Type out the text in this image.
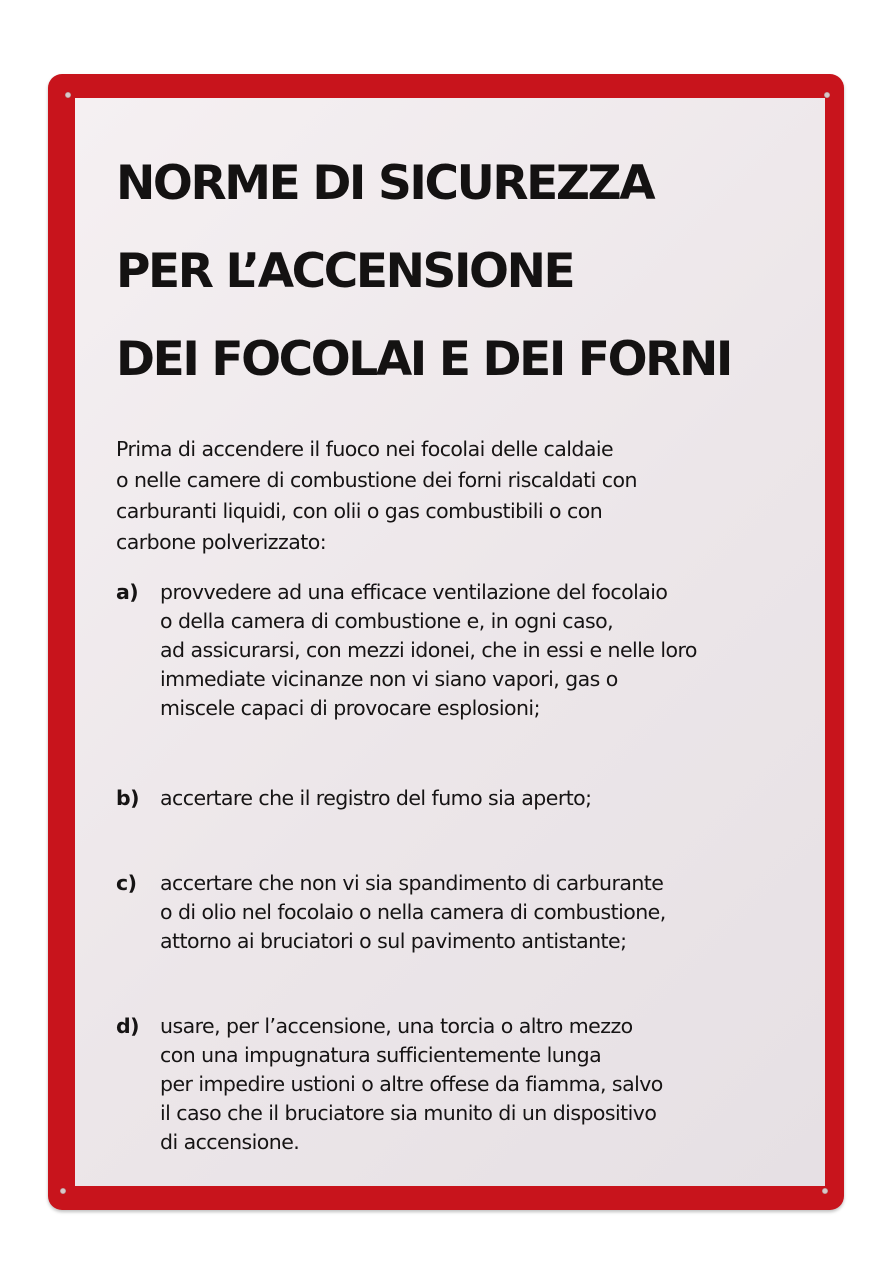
NORME DI SICUREZZA
PER L’ACCENSIONE
DEI FOCOLAI E DEI FORNI

Prima di accendere il fuoco nei focolai delle caldaie
o nelle camere di combustione dei forni riscaldati con
carburanti liquidi, con olii o gas combustibili o con
carbone polverizzato:

a) provvedere ad una efficace ventilazione del focolaio
o della camera di combustione e, in ogni caso,
ad assicurarsi, con mezzi idonei, che in essi e nelle loro
immediate vicinanze non vi siano vapori, gas o
miscele capaci di provocare esplosioni;
b) accertare che il registro del fumo sia aperto;
c) accertare che non vi sia spandimento di carburante
o di olio nel focolaio o nella camera di combustione,
attorno ai bruciatori o sul pavimento antistante;
d) usare, per l’accensione, una torcia o altro mezzo
con una impugnatura sufficientemente lunga
per impedire ustioni o altre offese da fiamma, salvo
il caso che il bruciatore sia munito di un dispositivo
di accensione.
